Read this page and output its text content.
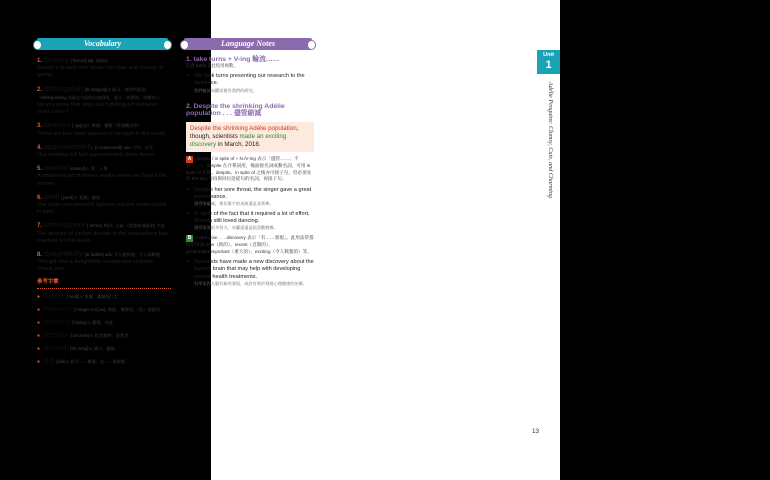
Vocabulary	Language Notes
1. clumsy [ˋklʌmzɪ] adj. 笨拙的
Steven’s broken arm made him slow and clumsy at typing.
2. distinguish [dɪˋstɪŋgwɪʃ] v. 區分；使有所區別（distinguishing 為現在分詞作形容詞用，表示「辨著的、明顯的」）
Do you know that dogs can’t distinguish between most colors?
3. species [ˋspiʃɪz] n. 物種；種類（單複數同形）
There are four main species of penguin in the world.
4. approximately [əˋprɑksəmɪtlɪ] adv. 大約；近乎
Our meeting will last approximately three hours.
5. mound [maʊnd] n. 堆；土堆
A small mound of stones marks where we buried the money.
6. peril [ˋpɛrəl] n. 危險；險境
The large and powerful typhoon put the entire island in peril.
7. atmosphere [ˋætməsˌfɪr] n. 大氣；(某地或地區的) 空氣
The amount of carbon dioxide in the atmosphere has reached record levels.
8. delightfully [dɪˋlaɪtfəlɪ] adv. 令人愉快地；令人高興地
This gift was a delightfully unexpected surprise. Thank you!
參考字彙
● waddle [ˋwɑdl̩] v. 搖擺、蹣跚地行走
● migratory [ˋmaɪgrəˌtorɪ] adj. 遷徙、遷移的；（魚）洄游的
● breeding [ˋbridɪŋ] n. 繁殖；培育
● predator [ˋprɛdətɚ] n. 掠食動物；掠奪者
● diminish [dəˋmɪnɪʃ] v. 減少；縮減
● dub [dʌb] v. 授予……稱號；給……取綽號
1. take turns + V-ing 輪流……
注意 turns 在此恆用複數。
• We took turns presenting our research to the audience.
我們輪流向觀眾報告我們的研究。
2. Despite the shrinking Adélie population . . . 儘管縮減
Despite the shrinking Adélie population, though, scientists made an exciting discovery in March, 2018.
A despite / in spite of + N./V-ing 表示「儘管……；不管……」。despite 在介系詞用，後面接名詞或動名詞，可用 in spite of 代換。despite、in spite of 之後亦可接子句，但必須先接 the fact 等再與同位語從句的名詞，再接子句。
• Despite her sore throat, the singer gave a great performance.
儘管喉嚨痛，那位歌手的表演還是非常棒。
• In spite of the fact that it required a lot of effort, Brenda still loved dancing.
儘管需要很多努力，布蘭達還是很喜歡跳舞。
B make a/an . . . discovery 表示「有……發現」。此用法常搭配形容詞 new（新的）、recent（近期的）、great/major/important（重大的）、exciting（令人興奮的）等。
• Scientists have made a new discovery about the human brain that may help with developing mental health treatments.
科學家對人腦有新的發現，或許有助於發展心理健康的治療。
Unit
1
Adélie Penguins: Clumsy, Cute, and Charming
13
